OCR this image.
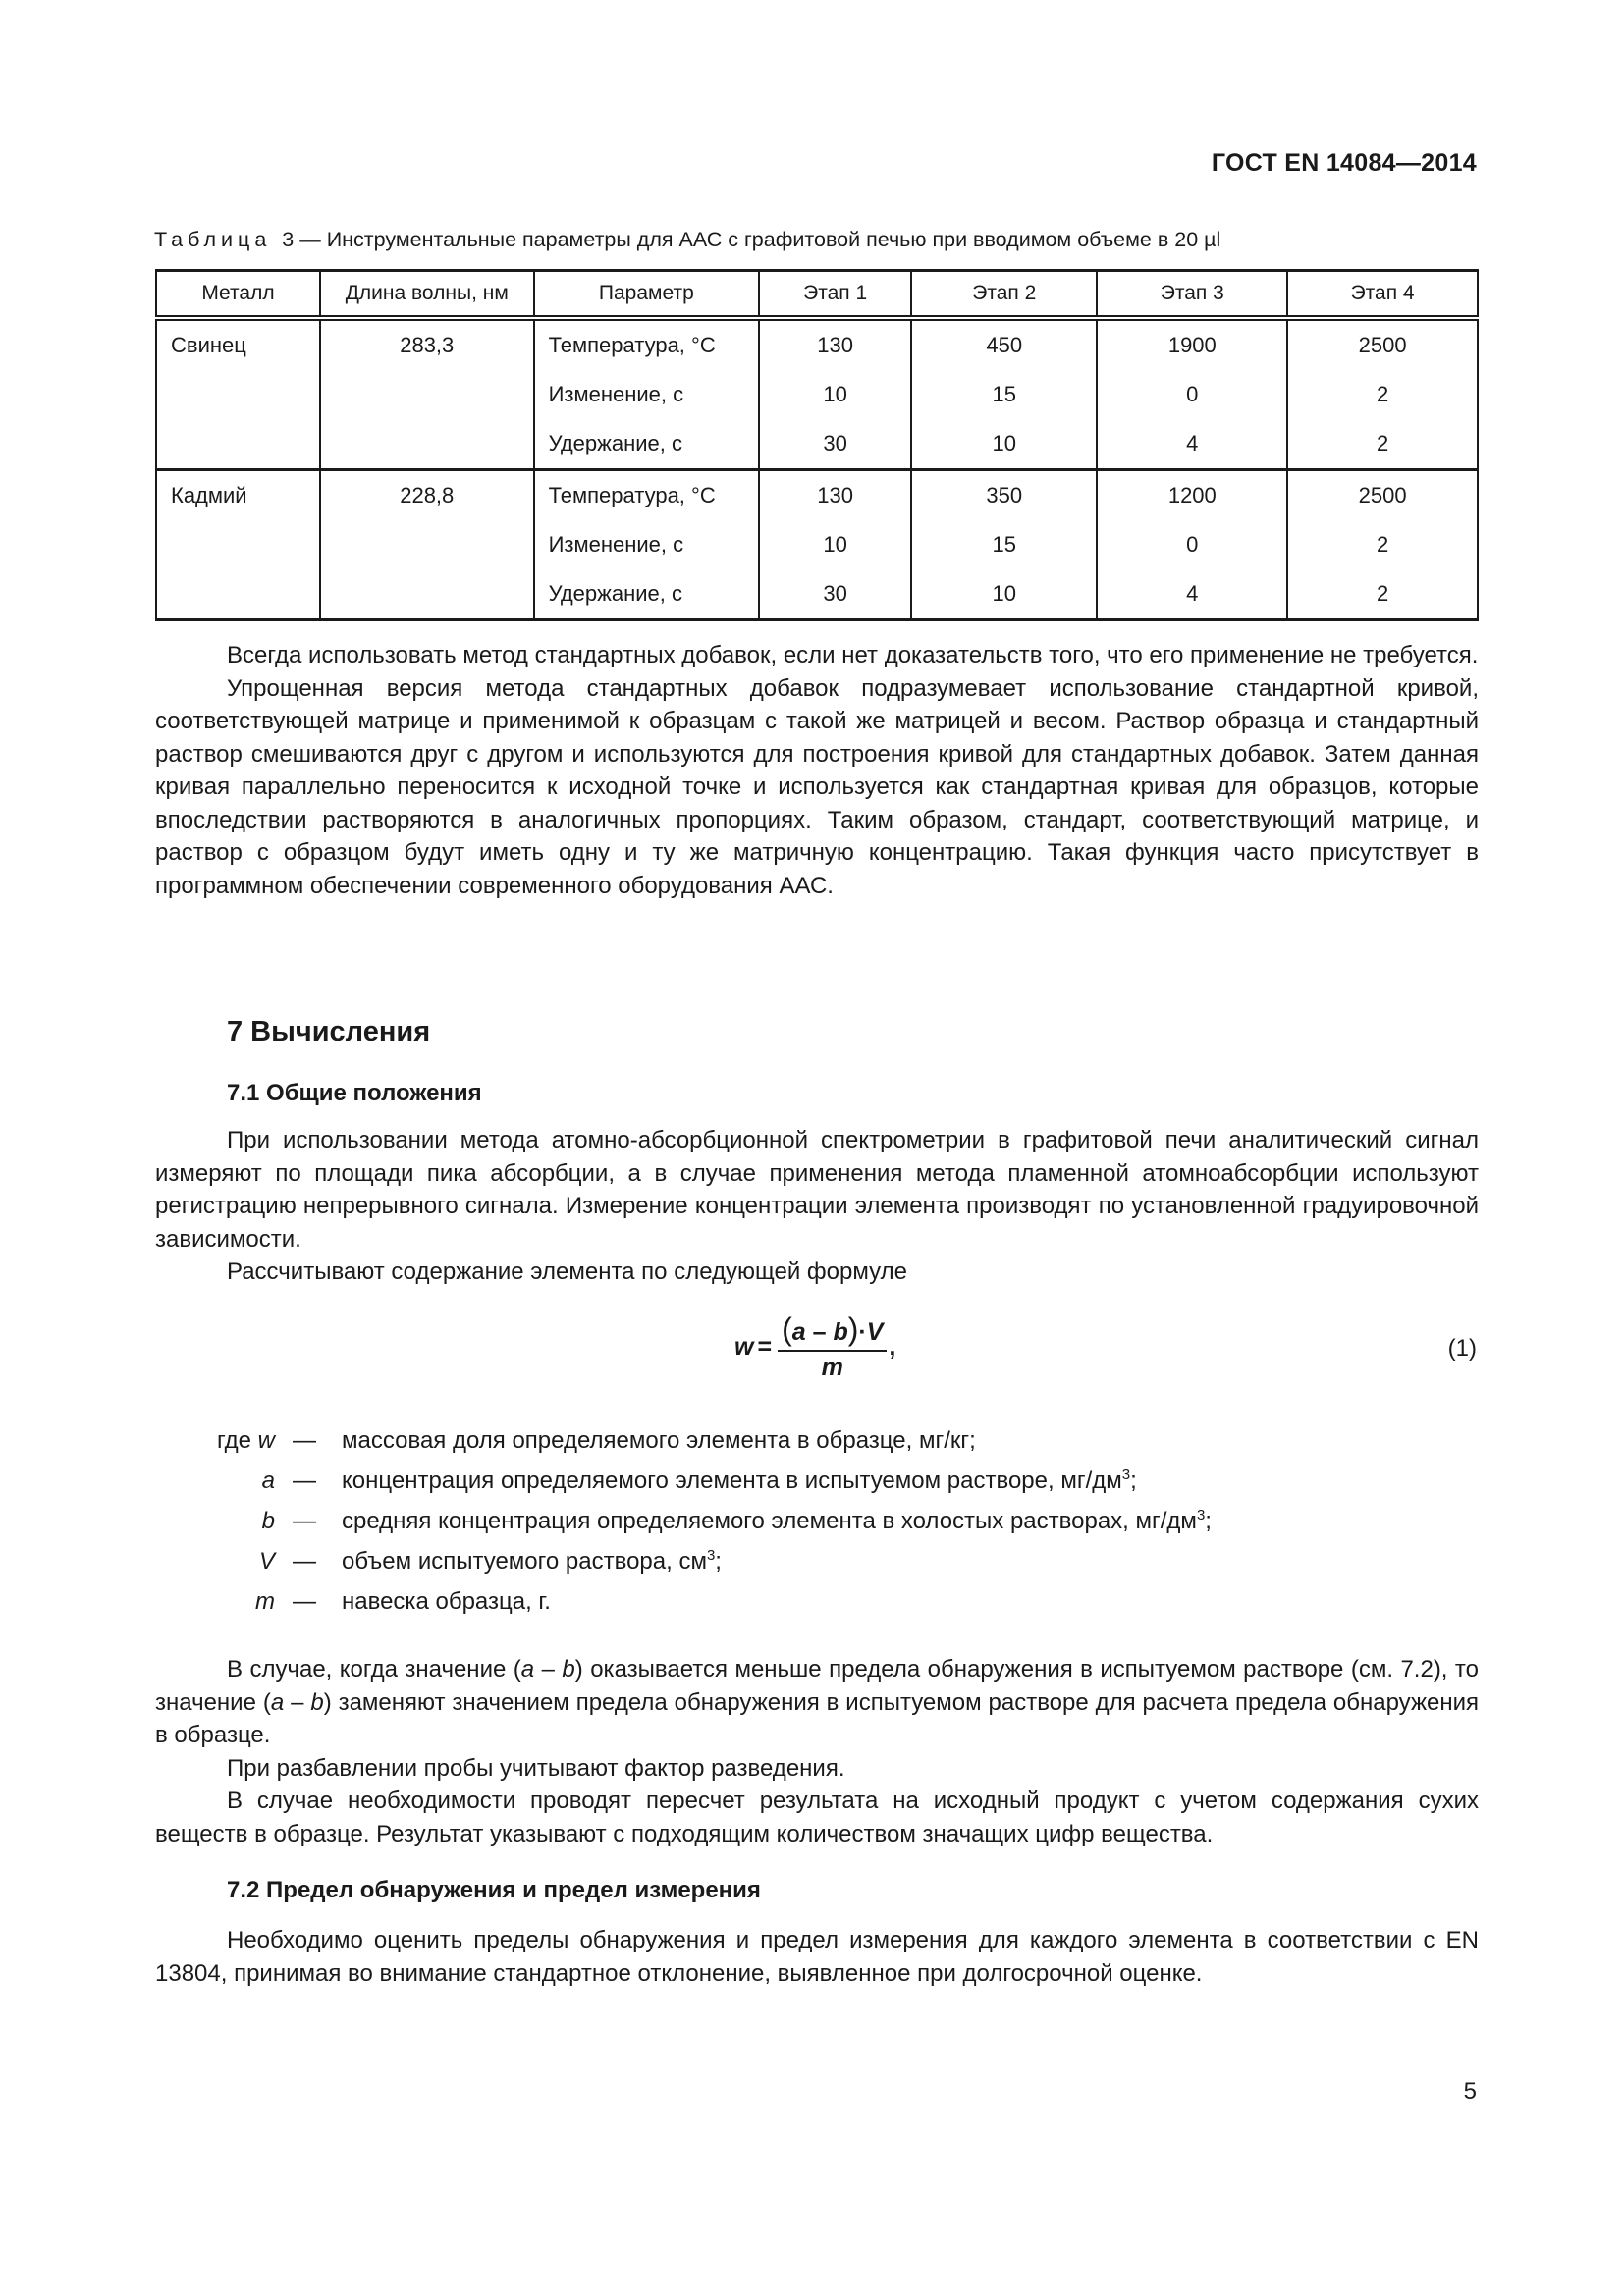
ГОСТ EN 14084—2014
Таблица 3 — Инструментальные параметры для ААС с графитовой печью при вводимом объеме в 20 µl
Металл	Длина волны, нм	Параметр	Этап 1	Этап 2	Этап 3	Этап 4
Свинец	283,3	Температура, °С	130	450	1900	2500
		Изменение, с	10	15	0	2
		Удержание, с	30	10	4	2
Кадмий	228,8	Температура, °С	130	350	1200	2500
		Изменение, с	10	15	0	2
		Удержание, с	30	10	4	2

Всегда использовать метод стандартных добавок, если нет доказательств того, что его применение не требуется.

Упрощенная версия метода стандартных добавок подразумевает использование стандартной кривой, соответствующей матрице и применимой к образцам с такой же матрицей и весом. Раствор образца и стандартный раствор смешиваются друг с другом и используются для построения кривой для стандартных добавок. Затем данная кривая параллельно переносится к исходной точке и используется как стандартная кривая для образцов, которые впоследствии растворяются в аналогичных пропорциях. Таким образом, стандарт, соответствующий матрице, и раствор с образцом будут иметь одну и ту же матричную концентрацию. Такая функция часто присутствует в программном обеспечении современного оборудования ААС.

7 Вычисления
7.1 Общие положения

При использовании метода атомно-абсорбционной спектрометрии в графитовой печи аналитический сигнал измеряют по площади пика абсорбции, а в случае применения метода пламенной атомноабсорбции используют регистрацию непрерывного сигнала. Измерение концентрации элемента производят по установленной градуировочной зависимости.

Рассчитывают содержание элемента по следующей формуле

$w = \frac{(a - b)\cdot V}{m}$ ,	(1)
где w —	массовая доля определяемого элемента в образце, мг/кг;
a —	концентрация определяемого элемента в испытуемом растворе, $мг/дм^3$;
b —	средняя концентрация определяемого элемента в холостых растворах, $мг/дм^3$;
V —	объем испытуемого раствора, $см^3$;
m —	навеска образца, г.

В случае, когда значение (a – b) оказывается меньше предела обнаружения в испытуемом растворе (см. 7.2), то значение (a – b) заменяют значением предела обнаружения в испытуемом растворе для расчета предела обнаружения в образце.

При разбавлении пробы учитывают фактор разведения.

В случае необходимости проводят пересчет результата на исходный продукт с учетом содержания сухих веществ в образце. Результат указывают с подходящим количеством значащих цифр вещества.

7.2 Предел обнаружения и предел измерения

Необходимо оценить пределы обнаружения и предел измерения для каждого элемента в соответствии с EN 13804, принимая во внимание стандартное отклонение, выявленное при долгосрочной оценке.

5
